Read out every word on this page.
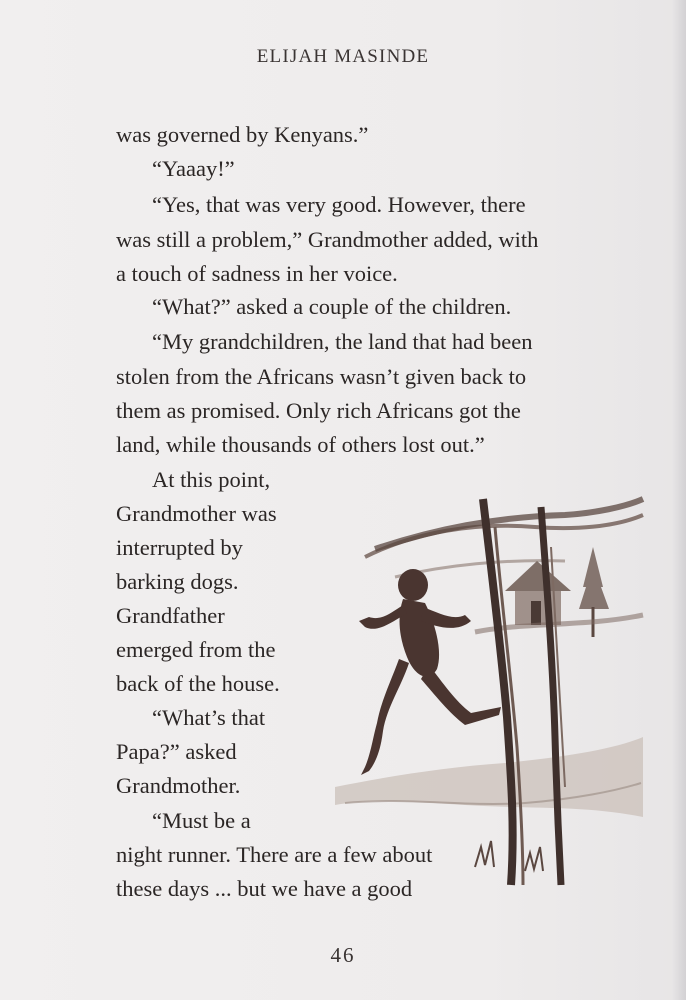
ELIJAH MASINDE
was governed by Kenyans.”
“Yaaay!”
“Yes, that was very good. However, there
was still a problem,” Grandmother added, with
a touch of sadness in her voice.
“What?” asked a couple of the children.
“My grandchildren, the land that had been
stolen from the Africans wasn’t given back to
them as promised. Only rich Africans got the
land, while thousands of others lost out.”
At this point,
Grandmother was
interrupted by
barking dogs.
Grandfather
emerged from the
back of the house.
“What’s that
Papa?” asked
Grandmother.
“Must be a
night runner. There are a few about
these days ... but we have a good
46
